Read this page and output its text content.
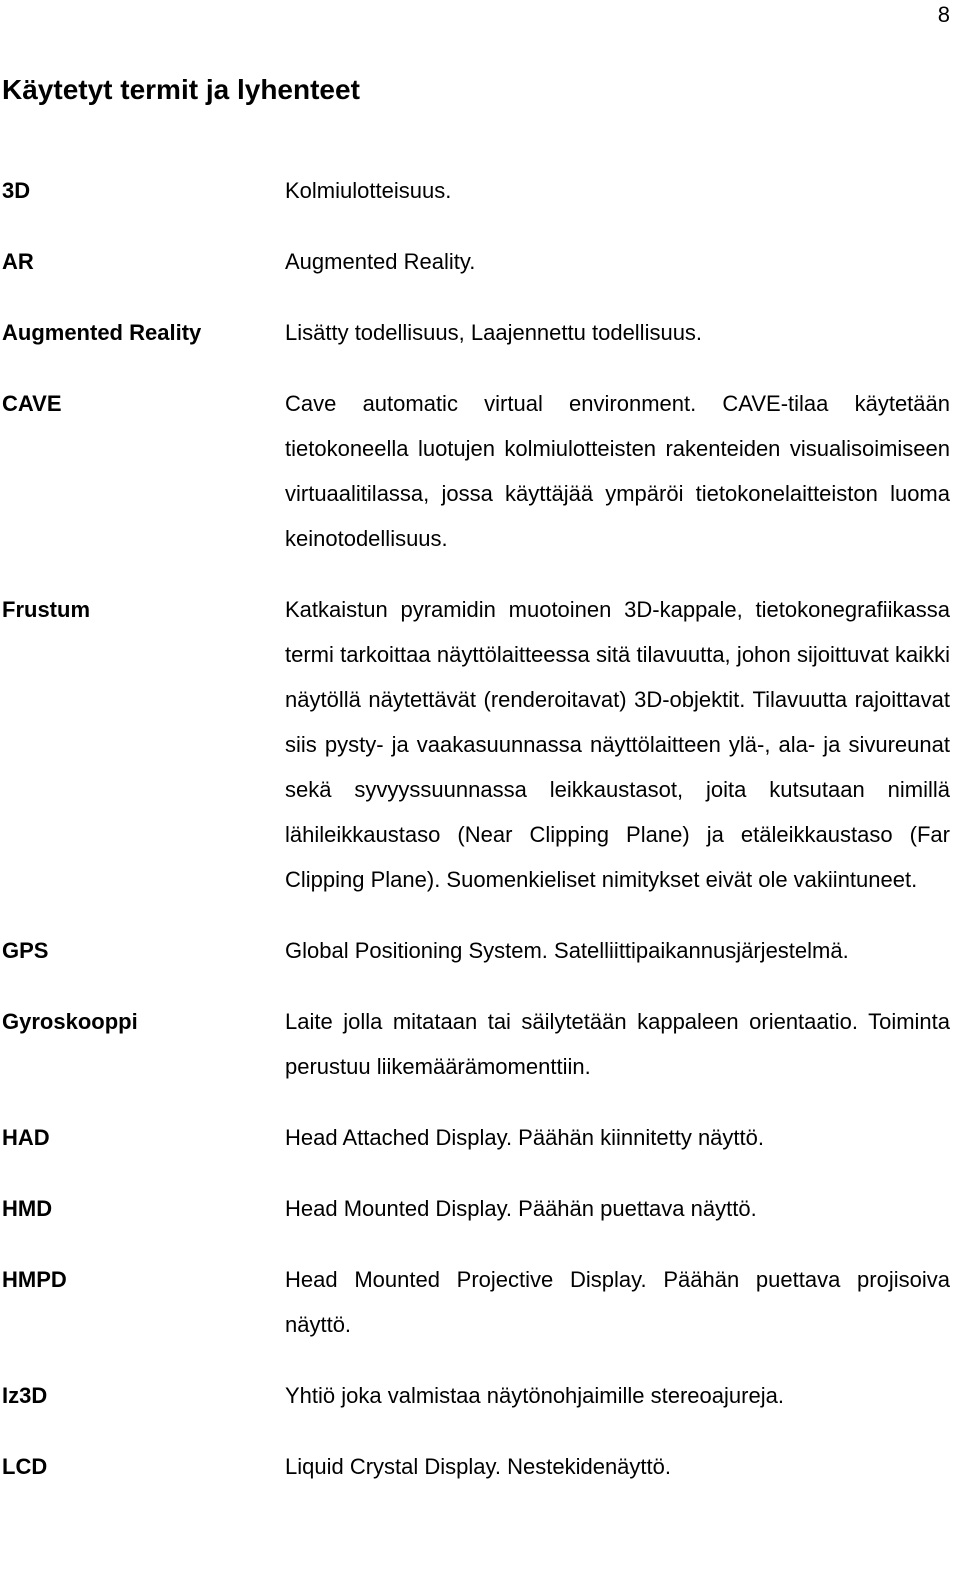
8
Käytetyt termit ja lyhenteet
3D	Kolmiulotteisuus.
AR	Augmented Reality.
Augmented Reality	Lisätty todellisuus, Laajennettu todellisuus.
CAVE	Cave automatic virtual environment. CAVE-tilaa käytetään tietokoneella luotujen kolmiulotteisten rakenteiden visualisoimiseen virtuaalitilassa, jossa käyttäjää ympäröi tietokonelaitteiston luoma keinotodellisuus.
Frustum	Katkaistun pyramidin muotoinen 3D-kappale, tietokonegrafiikassa termi tarkoittaa näyttölaitteessa sitä tilavuutta, johon sijoittuvat kaikki näytöllä näytettävät (renderoitavat) 3D-objektit. Tilavuutta rajoittavat siis pysty- ja vaakasuunnassa näyttölaitteen ylä-, ala- ja sivureunat sekä syvyyssuunnassa leikkaustasot, joita kutsutaan nimillä lähileikkaustaso (Near Clipping Plane) ja etäleikkaustaso (Far Clipping Plane). Suomenkieliset nimitykset eivät ole vakiintuneet.
GPS	Global Positioning System. Satelliittipaikannusjärjestelmä.
Gyroskooppi	Laite jolla mitataan tai säilytetään kappaleen orientaatio. Toiminta perustuu liikemäärämomenttiin.
HAD	Head Attached Display. Päähän kiinnitetty näyttö.
HMD	Head Mounted Display. Päähän puettava näyttö.
HMPD	Head Mounted Projective Display. Päähän puettava projisoiva näyttö.
Iz3D	Yhtiö joka valmistaa näytönohjaimille stereoajureja.
LCD	Liquid Crystal Display. Nestekidenäyttö.
